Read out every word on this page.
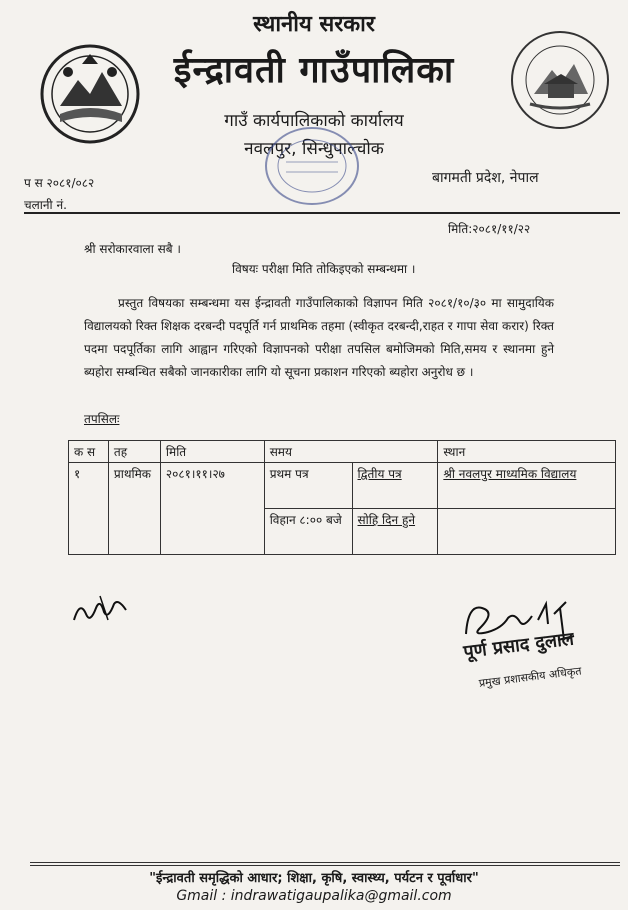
स्थानीय सरकार
ईन्द्रावती गाउँपालिका
गाउँ कार्यपालिकाको कार्यालय
नवलपुर, सिन्धुपाल्चोक
प स २०८१/०८२
चलानी नं.
बागमती प्रदेश, नेपाल
मिति:२०८१/११/२२
श्री सरोकारवाला सबै ।
विषयः परीक्षा मिति तोकिइएको सम्बन्धमा ।
प्रस्तुत विषयका सम्बन्धमा यस ईन्द्रावती गाउँपालिकाको विज्ञापन मिति २०८१/१०/३० मा सामुदायिक विद्यालयको रिक्त शिक्षक दरबन्दी पदपूर्ति गर्न प्राथमिक तहमा (स्वीकृत दरबन्दी,राहत र गापा सेवा करार) रिक्त पदमा पदपूर्तिका लागि आह्वान गरिएको विज्ञापनको परीक्षा तपसिल बमोजिमको मिति,समय र स्थानमा हुने ब्यहोरा सम्बन्धित सबैको जानकारीका लागि यो सूचना प्रकाशन गरिएको ब्यहोरा अनुरोध छ ।
तपसिलः
क स	तह	मिति	समय		स्थान
१	प्राथमिक	२०८१।११।२७	प्रथम पत्र	द्वितीय पत्र	श्री नवलपुर माध्यमिक विद्यालय
			विहान ८:०० बजे	सोहि दिन हुने	
पूर्ण प्रसाद दुलाल
प्रमुख प्रशासकीय अधिकृत
"ईन्द्रावती समृद्धिको आधार; शिक्षा, कृषि, स्वास्थ्य, पर्यटन र पूर्वाधार"
Gmail : indrawatigaupalika@gmail.com
